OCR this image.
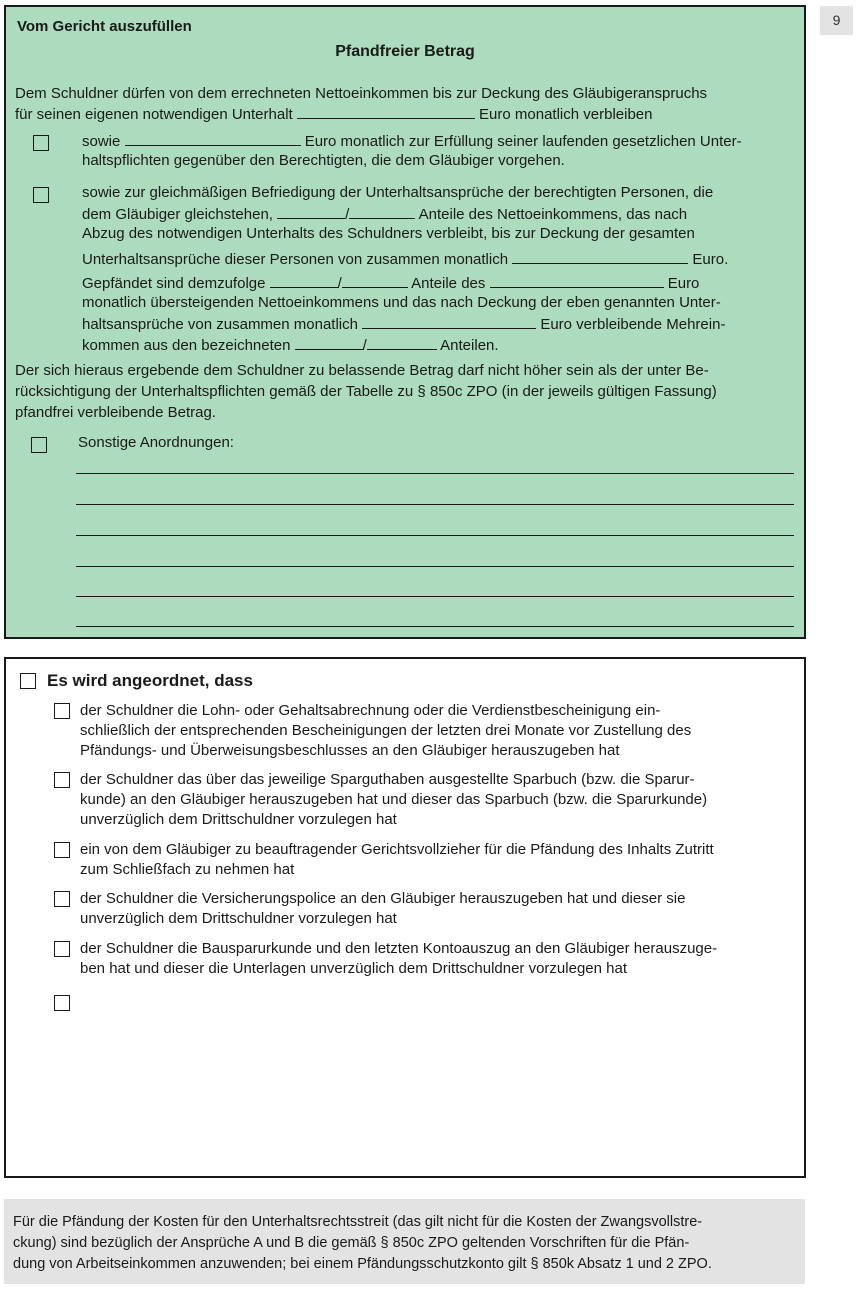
9
Vom Gericht auszufüllen
Pfandfreier Betrag
Dem Schuldner dürfen von dem errechneten Nettoeinkommen bis zur Deckung des Gläubigeranspruchs
für seinen eigenen notwendigen Unterhalt	Euro monatlich verbleiben
sowie	Euro monatlich zur Erfüllung seiner laufenden gesetzlichen Unter-
haltspflichten gegenüber den Berechtigten, die dem Gläubiger vorgehen.
sowie zur gleichmäßigen Befriedigung der Unterhaltsansprüche der berechtigten Personen, die
dem Gläubiger gleichstehen,	/	Anteile des Nettoeinkommens, das nach
Abzug des notwendigen Unterhalts des Schuldners verbleibt, bis zur Deckung der gesamten
Unterhaltsansprüche dieser Personen von zusammen monatlich	Euro.
Gepfändet sind demzufolge	/	Anteile des	Euro
monatlich übersteigenden Nettoeinkommens und das nach Deckung der eben genannten Unter-
haltsansprüche von zusammen monatlich	Euro verbleibende Mehrein-
kommen aus den bezeichneten	/	Anteilen.
Der sich hieraus ergebende dem Schuldner zu belassende Betrag darf nicht höher sein als der unter Be-
rücksichtigung der Unterhaltspflichten gemäß der Tabelle zu § 850c ZPO (in der jeweils gültigen Fassung)
pfandfrei verbleibende Betrag.
Sonstige Anordnungen:
Es wird angeordnet, dass
der Schuldner die Lohn- oder Gehaltsabrechnung oder die Verdienstbescheinigung ein-
schließlich der entsprechenden Bescheinigungen der letzten drei Monate vor Zustellung des
Pfändungs- und Überweisungsbeschlusses an den Gläubiger herauszugeben hat
der Schuldner das über das jeweilige Sparguthaben ausgestellte Sparbuch (bzw. die Sparur-
kunde) an den Gläubiger herauszugeben hat und dieser das Sparbuch (bzw. die Sparurkunde)
unverzüglich dem Drittschuldner vorzulegen hat
ein von dem Gläubiger zu beauftragender Gerichtsvollzieher für die Pfändung des Inhalts Zutritt
zum Schließfach zu nehmen hat
der Schuldner die Versicherungspolice an den Gläubiger herauszugeben hat und dieser sie
unverzüglich dem Drittschuldner vorzulegen hat
der Schuldner die Bausparurkunde und den letzten Kontoauszug an den Gläubiger herauszuge-
ben hat und dieser die Unterlagen unverzüglich dem Drittschuldner vorzulegen hat
Für die Pfändung der Kosten für den Unterhaltsrechtsstreit (das gilt nicht für die Kosten der Zwangsvollstre-
ckung) sind bezüglich der Ansprüche A und B die gemäß § 850c ZPO geltenden Vorschriften für die Pfän-
dung von Arbeitseinkommen anzuwenden; bei einem Pfändungsschutzkonto gilt § 850k Absatz 1 und 2 ZPO.
